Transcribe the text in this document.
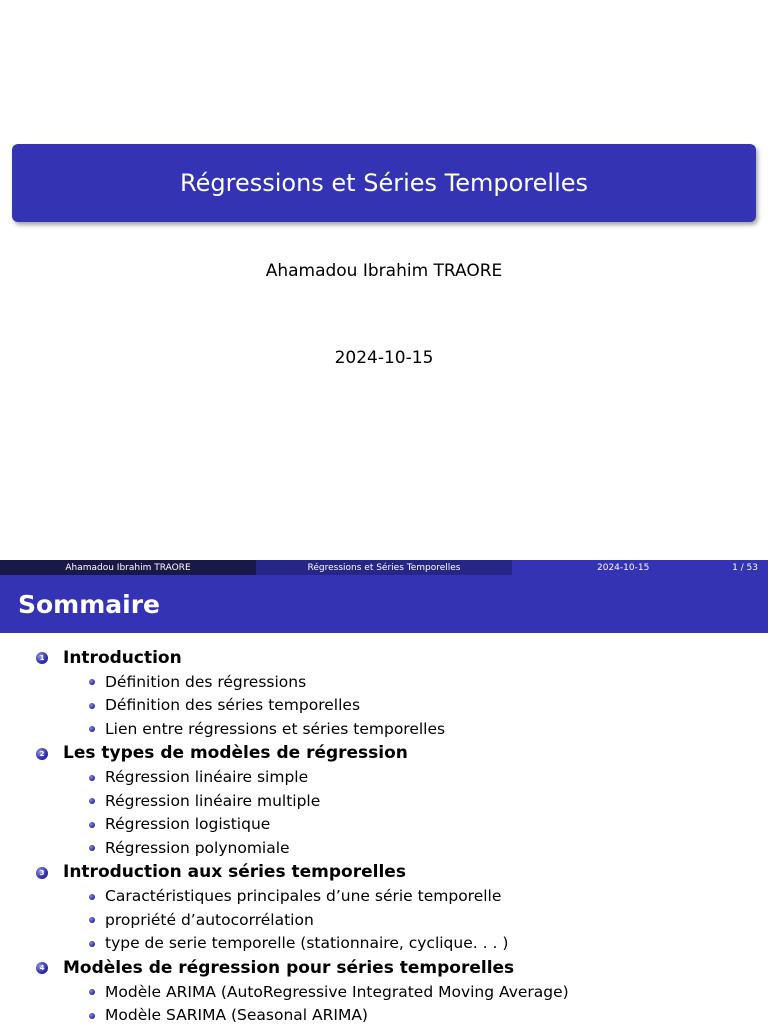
Régressions et Séries Temporelles
Ahamadou Ibrahim TRAORE
2024-10-15
Ahamadou Ibrahim TRAORE	Régressions et Séries Temporelles	2024-10-15	1 / 53
Sommaire
1 Introduction
Définition des régressions
Définition des séries temporelles
Lien entre régressions et séries temporelles
2 Les types de modèles de régression
Régression linéaire simple
Régression linéaire multiple
Régression logistique
Régression polynomiale
3 Introduction aux séries temporelles
Caractéristiques principales d’une série temporelle
propriété d’autocorrélation
type de serie temporelle (stationnaire, cyclique. . . )
4 Modèles de régression pour séries temporelles
Modèle ARIMA (AutoRegressive Integrated Moving Average)
Modèle SARIMA (Seasonal ARIMA)
